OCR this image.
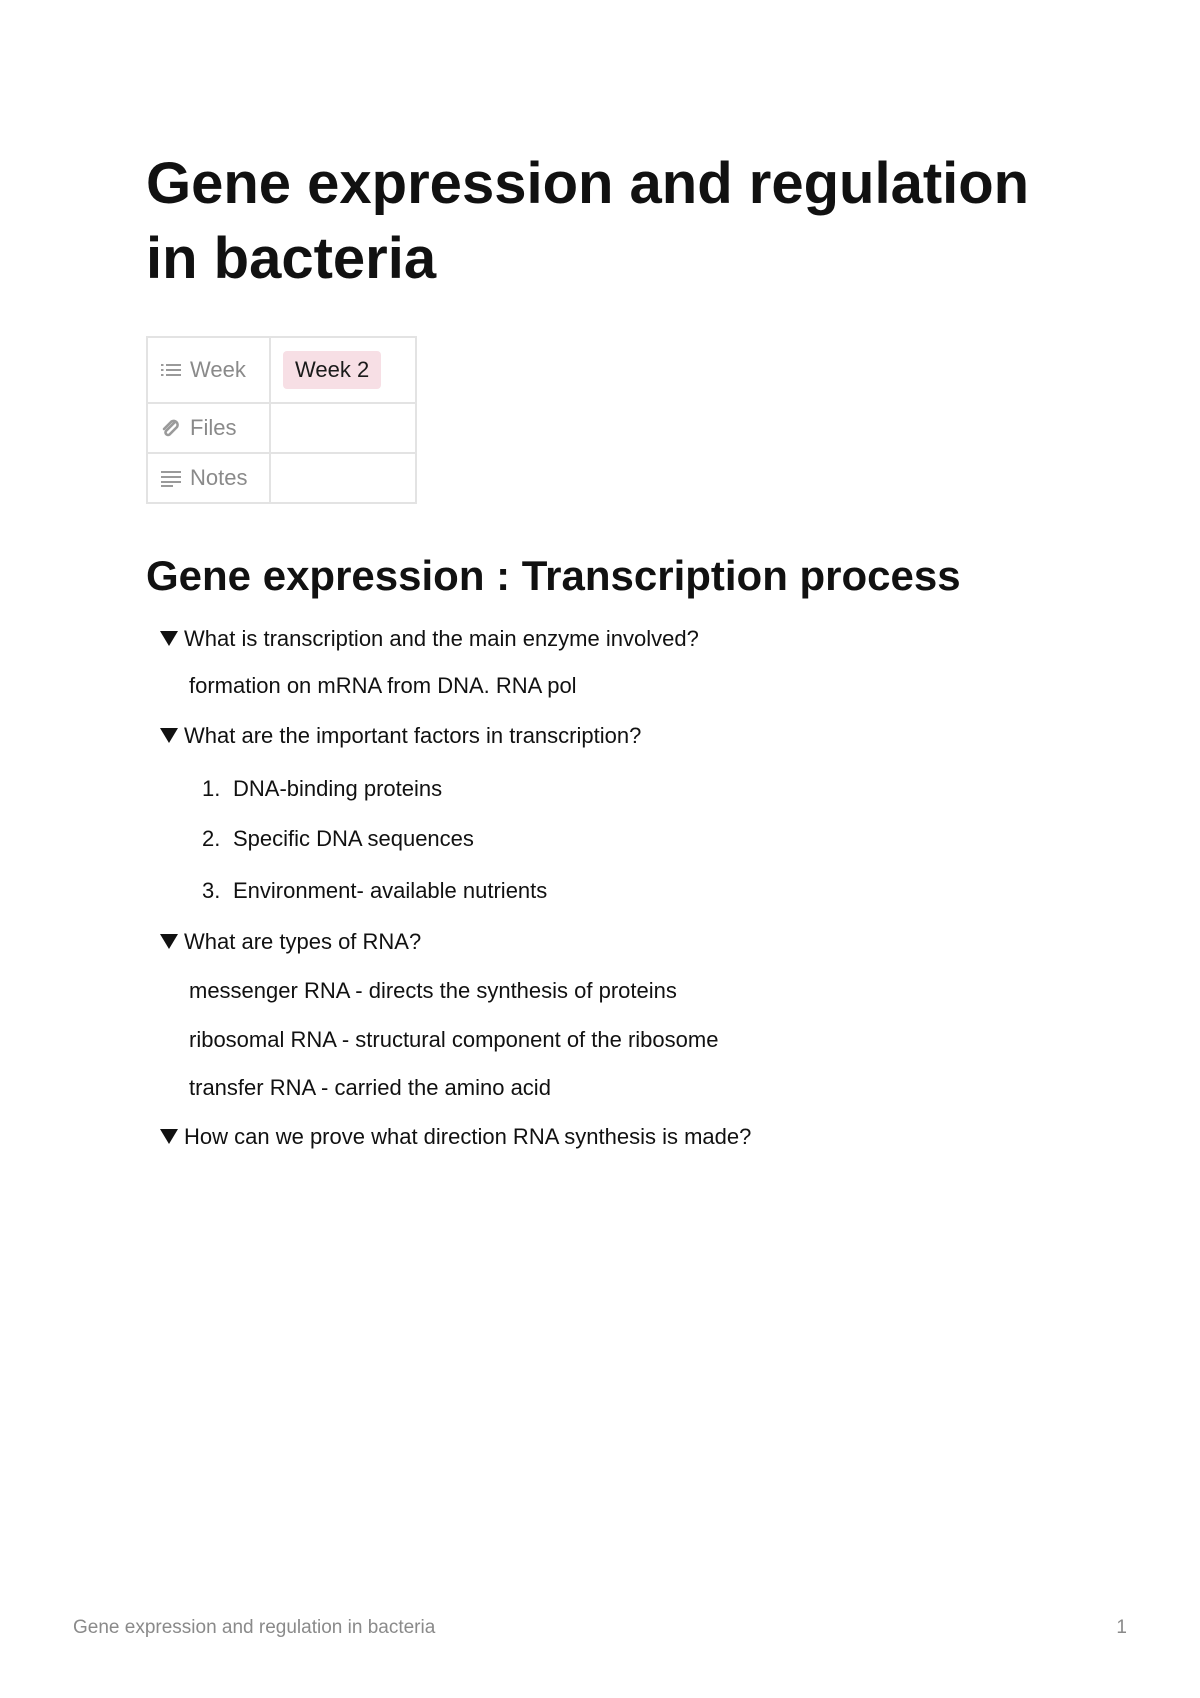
Gene expression and regulation in bacteria
Week	Week 2
Files	
Notes	
Gene expression : Transcription process
What is transcription and the main enzyme involved?
formation on mRNA from DNA. RNA pol
What are the important factors in transcription?
1. DNA-binding proteins
2. Specific DNA sequences
3. Environment- available nutrients
What are types of RNA?
messenger RNA - directs the synthesis of proteins
ribosomal RNA - structural component of the ribosome
transfer RNA - carried the amino acid
How can we prove what direction RNA synthesis is made?
Gene expression and regulation in bacteria	1
